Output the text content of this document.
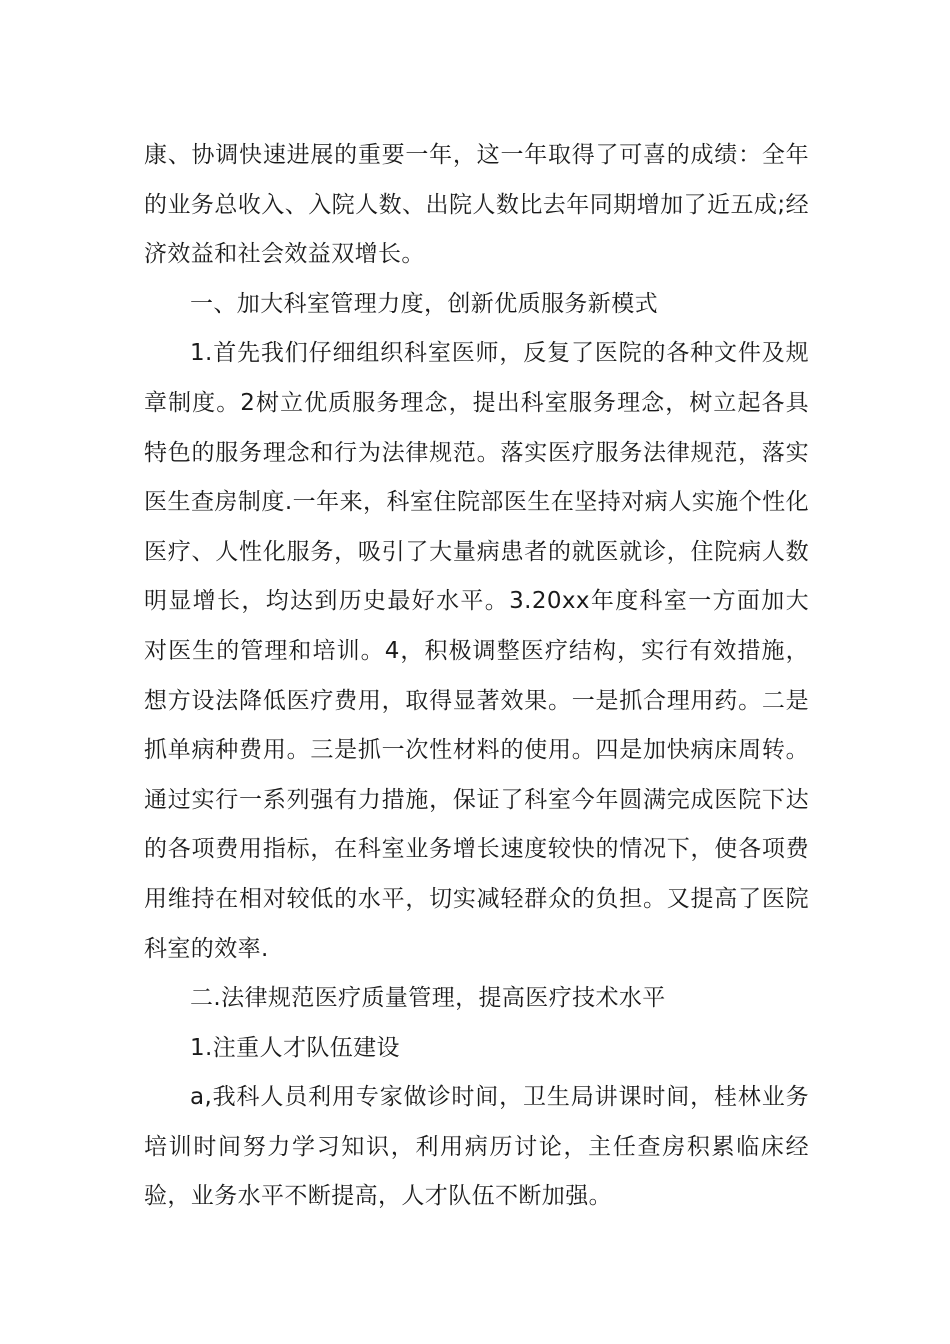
康、协调快速进展的重要一年，这一年取得了可喜的成绩：全年的业务总收入、入院人数、出院人数比去年同期增加了近五成;经济效益和社会效益双增长。

一、加大科室管理力度，创新优质服务新模式

1.首先我们仔细组织科室医师，反复了医院的各种文件及规章制度。2树立优质服务理念，提出科室服务理念，树立起各具特色的服务理念和行为法律规范。落实医疗服务法律规范，落实医生查房制度.一年来，科室住院部医生在坚持对病人实施个性化医疗、人性化服务，吸引了大量病患者的就医就诊，住院病人数明显增长，均达到历史最好水平。3.20xx年度科室一方面加大对医生的管理和培训。4，积极调整医疗结构，实行有效措施，想方设法降低医疗费用，取得显著效果。一是抓合理用药。二是抓单病种费用。三是抓一次性材料的使用。四是加快病床周转。通过实行一系列强有力措施，保证了科室今年圆满完成医院下达的各项费用指标，在科室业务增长速度较快的情况下，使各项费用维持在相对较低的水平，切实减轻群众的负担。又提高了医院科室的效率.

二.法律规范医疗质量管理，提高医疗技术水平

1.注重人才队伍建设

a,我科人员利用专家做诊时间，卫生局讲课时间，桂林业务培训时间努力学习知识，利用病历讨论，主任查房积累临床经验，业务水平不断提高，人才队伍不断加强。
